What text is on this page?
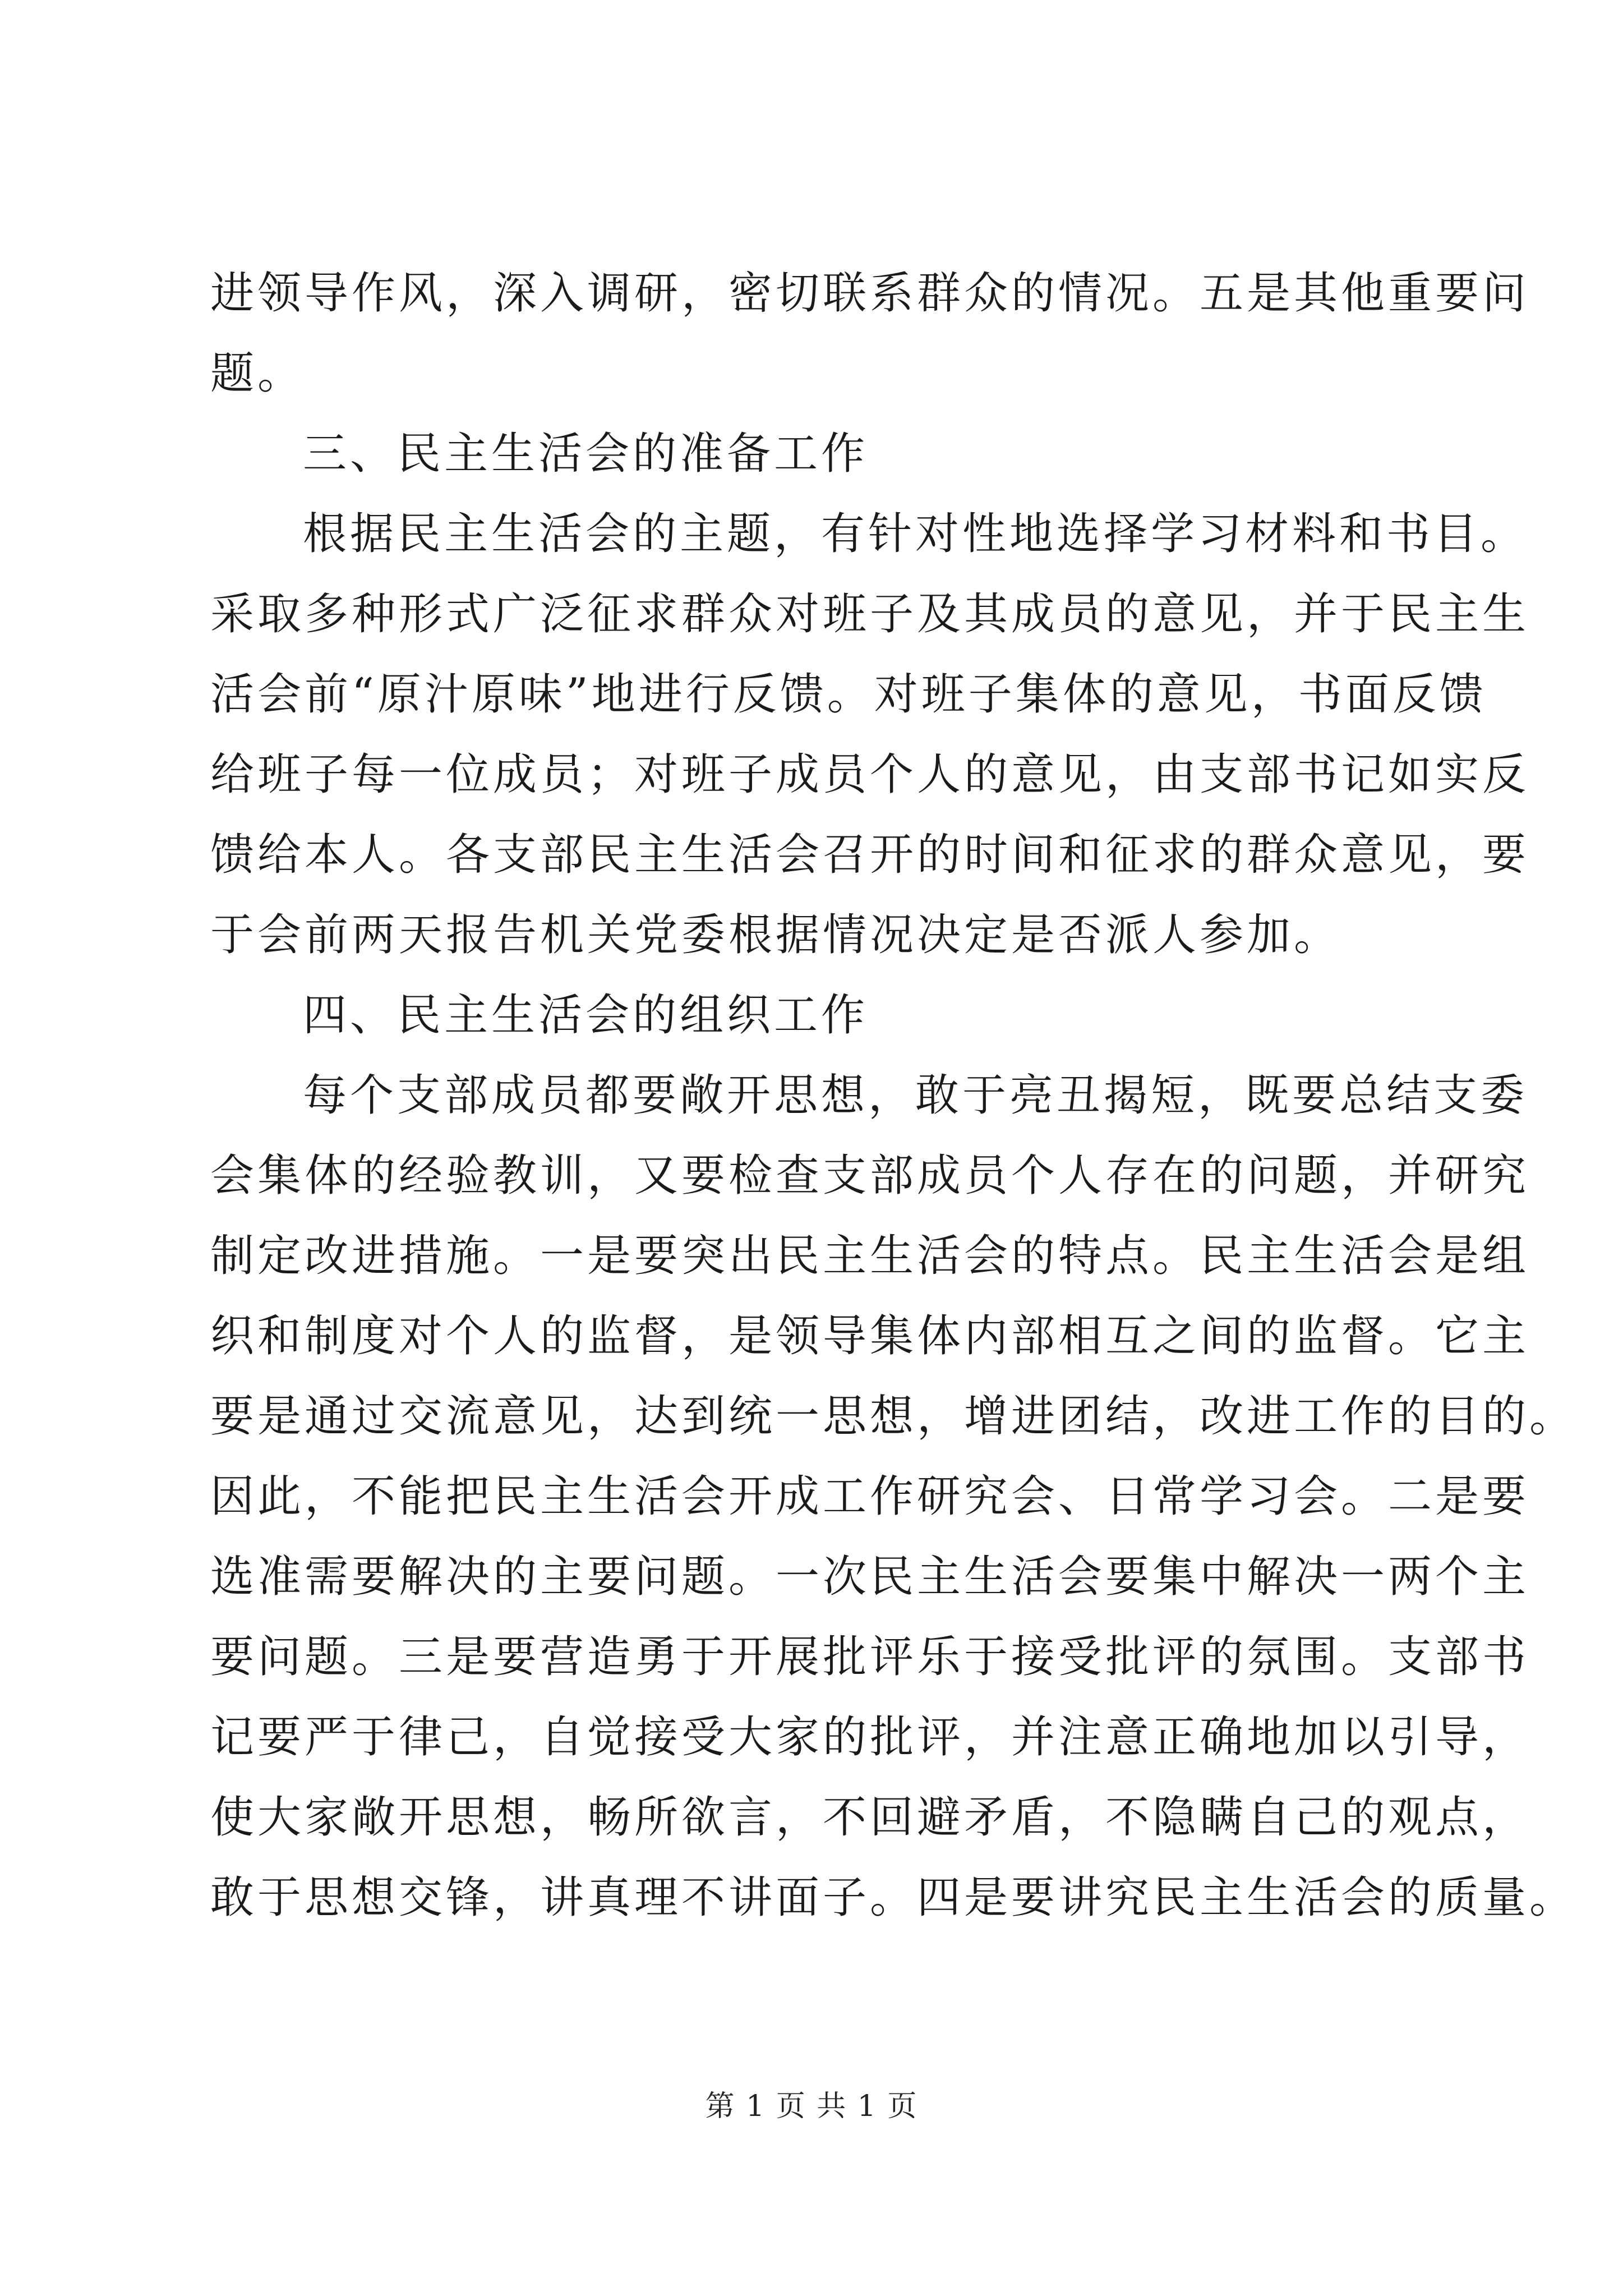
进领导作风，深入调研，密切联系群众的情况。五是其他重要问
题。
三、民主生活会的准备工作
根据民主生活会的主题，有针对性地选择学习材料和书目。
采取多种形式广泛征求群众对班子及其成员的意见，并于民主生
活会前“原汁原味”地进行反馈。对班子集体的意见，书面反馈
给班子每一位成员；对班子成员个人的意见，由支部书记如实反
馈给本人。各支部民主生活会召开的时间和征求的群众意见，要
于会前两天报告机关党委根据情况决定是否派人参加。
四、民主生活会的组织工作
每个支部成员都要敞开思想，敢于亮丑揭短，既要总结支委
会集体的经验教训，又要检查支部成员个人存在的问题，并研究
制定改进措施。一是要突出民主生活会的特点。民主生活会是组
织和制度对个人的监督，是领导集体内部相互之间的监督。它主
要是通过交流意见，达到统一思想，增进团结，改进工作的目的。
因此，不能把民主生活会开成工作研究会、日常学习会。二是要
选准需要解决的主要问题。一次民主生活会要集中解决一两个主
要问题。三是要营造勇于开展批评乐于接受批评的氛围。支部书
记要严于律己，自觉接受大家的批评，并注意正确地加以引导，
使大家敞开思想，畅所欲言，不回避矛盾，不隐瞒自己的观点，
敢于思想交锋，讲真理不讲面子。四是要讲究民主生活会的质量。
第 1 页 共 1 页
